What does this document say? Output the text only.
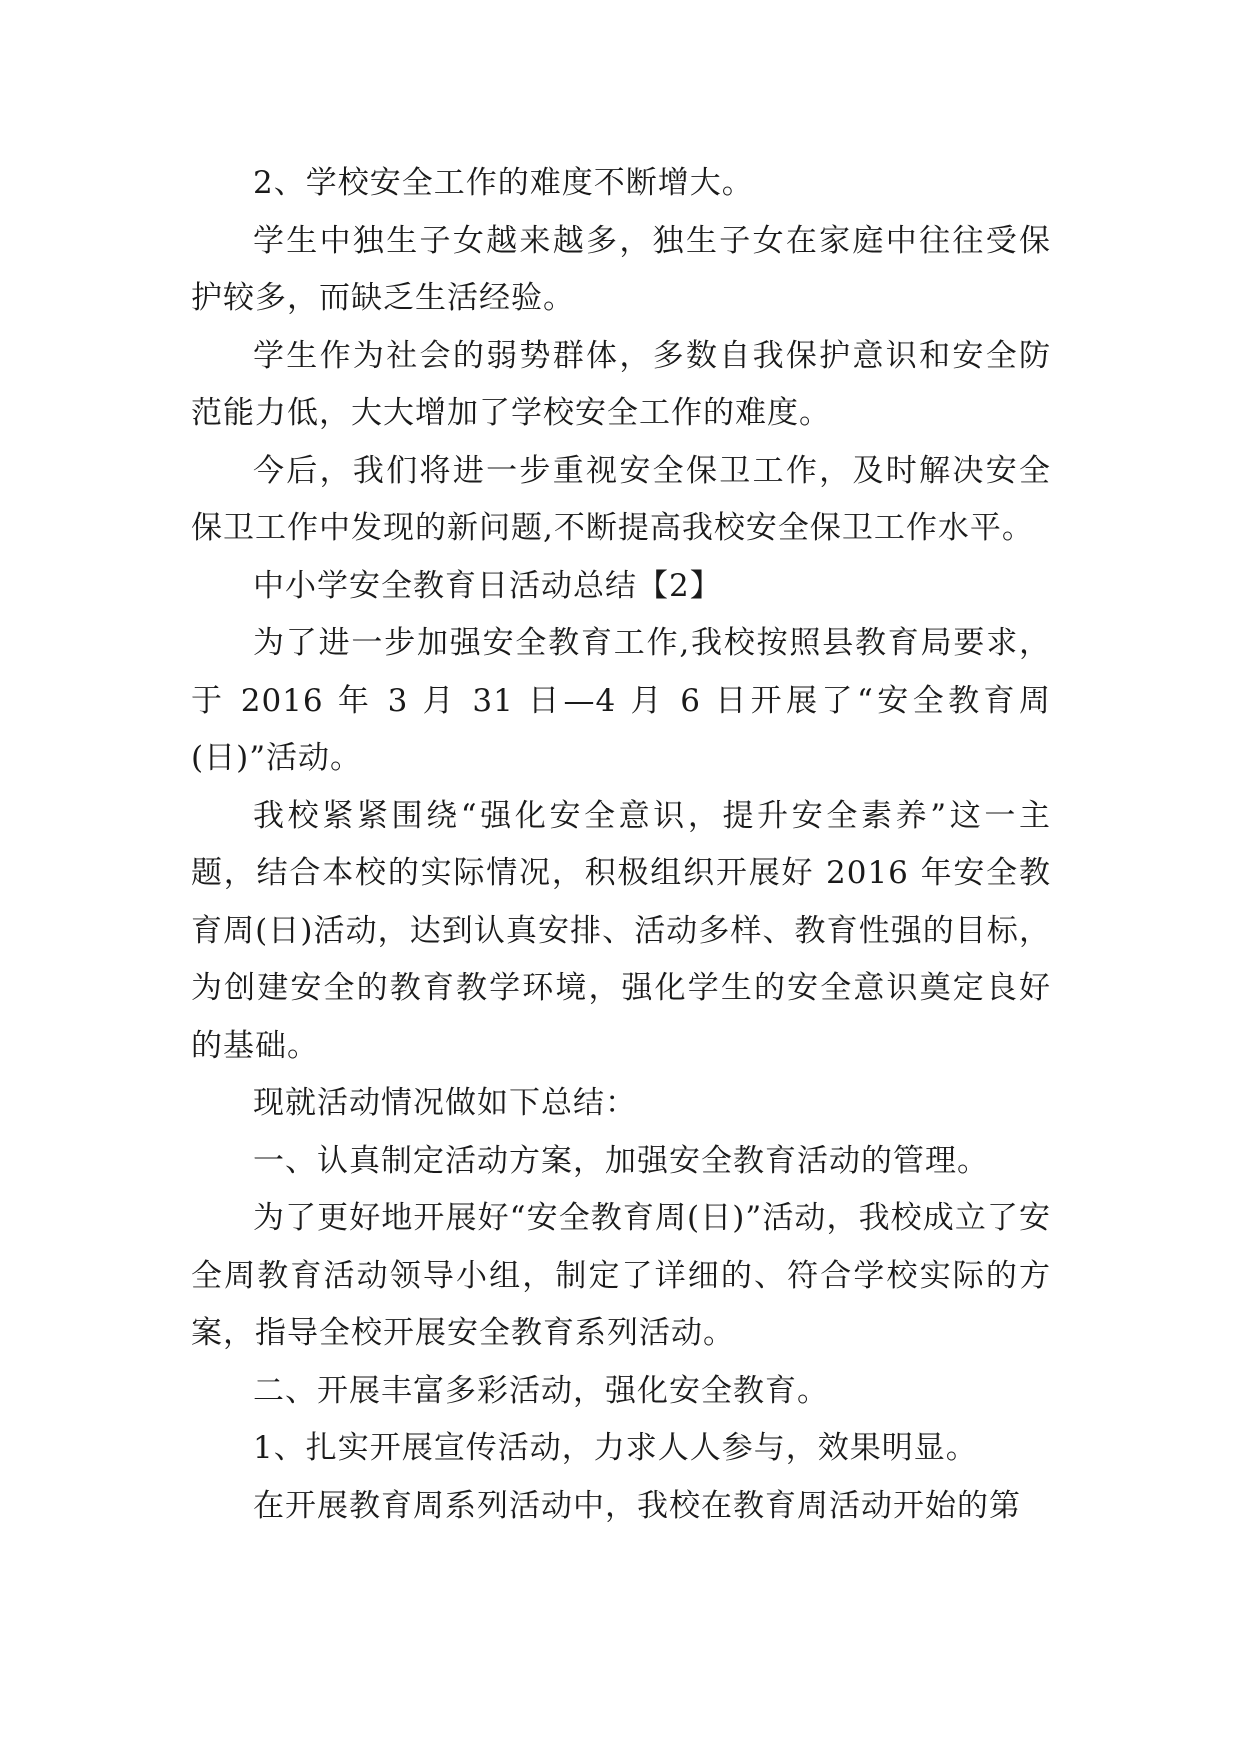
2、学校安全工作的难度不断增大。

学生中独生子女越来越多，独生子女在家庭中往往受保护较多，而缺乏生活经验。

学生作为社会的弱势群体，多数自我保护意识和安全防范能力低，大大增加了学校安全工作的难度。

今后，我们将进一步重视安全保卫工作，及时解决安全保卫工作中发现的新问题,不断提高我校安全保卫工作水平。

中小学安全教育日活动总结【2】

为了进一步加强安全教育工作,我校按照县教育局要求，于 2016 年 3 月 31 日—4 月 6 日开展了“安全教育周(日)”活动。

我校紧紧围绕“强化安全意识，提升安全素养”这一主题，结合本校的实际情况，积极组织开展好 2016 年安全教育周(日)活动，达到认真安排、活动多样、教育性强的目标，为创建安全的教育教学环境，强化学生的安全意识奠定良好的基础。

现就活动情况做如下总结：

一、认真制定活动方案，加强安全教育活动的管理。

为了更好地开展好“安全教育周(日)”活动，我校成立了安全周教育活动领导小组，制定了详细的、符合学校实际的方案，指导全校开展安全教育系列活动。

二、开展丰富多彩活动，强化安全教育。

1、扎实开展宣传活动，力求人人参与，效果明显。

在开展教育周系列活动中，我校在教育周活动开始的第
